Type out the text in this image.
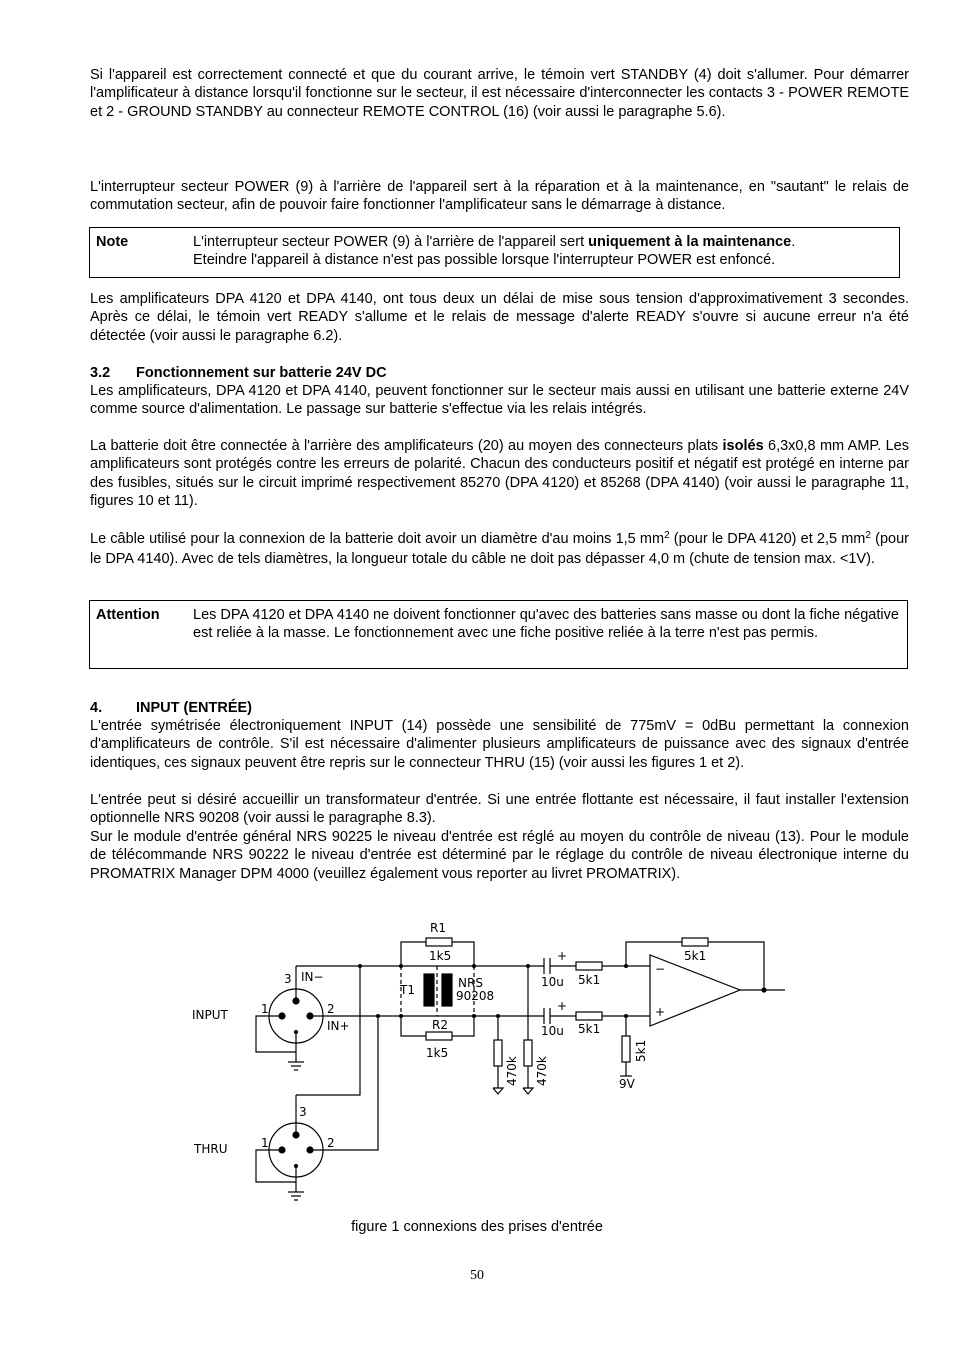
Si l'appareil est correctement connecté et que du courant arrive, le témoin vert STANDBY (4) doit s'allumer. Pour démarrer l'amplificateur à distance lorsqu'il fonctionne sur le secteur, il est nécessaire d'interconnecter les contacts 3 - POWER REMOTE et 2 - GROUND STANDBY au connecteur REMOTE CONTROL (16) (voir aussi le paragraphe 5.6).

L'interrupteur secteur POWER (9) à l'arrière de l'appareil sert à la réparation et à la maintenance, en "sautant" le relais de commutation secteur, afin de pouvoir faire fonctionner l'amplificateur sans le démarrage à distance.

Note	L'interrupteur secteur POWER (9) à l'arrière de l'appareil sert uniquement à la maintenance.
Eteindre l'appareil à distance n'est pas possible lorsque l'interrupteur POWER est enfoncé.

Les amplificateurs DPA 4120 et DPA 4140, ont tous deux un délai de mise sous tension d'approximativement 3 secondes. Après ce délai, le témoin vert READY s'allume et le relais de message d'alerte READY s'ouvre si aucune erreur n'a été détectée (voir aussi le paragraphe 6.2).

3.2 Fonctionnement sur batterie 24V DC

Les amplificateurs, DPA 4120 et DPA 4140, peuvent fonctionner sur le secteur mais aussi en utilisant une batterie externe 24V comme source d'alimentation. Le passage sur batterie s'effectue via les relais intégrés.

La batterie doit être connectée à l'arrière des amplificateurs (20) au moyen des connecteurs plats isolés 6,3x0,8 mm AMP. Les amplificateurs sont protégés contre les erreurs de polarité. Chacun des conducteurs positif et négatif est protégé en interne par des fusibles, situés sur le circuit imprimé respectivement 85270 (DPA 4120) et 85268 (DPA 4140) (voir aussi le paragraphe 11, figures 10 et 11).

Le câble utilisé pour la connexion de la batterie doit avoir un diamètre d'au moins 1,5 $mm^2$ (pour le DPA 4120) et 2,5 $mm^2$ (pour le DPA 4140). Avec de tels diamètres, la longueur totale du câble ne doit pas dépasser 4,0 m (chute de tension max. <1V).

Attention Les DPA 4120 et DPA 4140 ne doivent fonctionner qu'avec des batteries sans masse ou dont la fiche négative est reliée à la masse. Le fonctionnement avec une fiche positive reliée à la terre n'est pas permis.
4. INPUT (ENTRÉE)

L'entrée symétrisée électroniquement INPUT (14) possède une sensibilité de 775mV = 0dBu permettant la connexion d'amplificateurs de contrôle. S'il est nécessaire d'alimenter plusieurs amplificateurs de puissance avec des signaux d'entrée identiques, ces signaux peuvent être repris sur le connecteur THRU (15) (voir aussi les figures 1 et 2).

L'entrée peut si désiré accueillir un transformateur d'entrée. Si une entrée flottante est nécessaire, il faut installer l'extension optionnelle NRS 90208 (voir aussi le paragraphe 8.3).

Sur le module d'entrée général NRS 90225 le niveau d'entrée est réglé au moyen du contrôle de niveau (13). Pour le module de télécommande NRS 90222 le niveau d'entrée est déterminé par le réglage du contrôle de niveau électronique interne du PROMATRIX Manager DPM 4000 (veuillez également vous reporter au livret PROMATRIX).

INPUT
THRU
IN−
IN+
3
1	2
3
1	2
R1
1k5
R2
1k5
T1	NRS
90208
10u
10u
+
+
5k1
5k1
5k1
9V
−
+
470k 470k
5k1
figure 1 connexions des prises d'entrée
50
